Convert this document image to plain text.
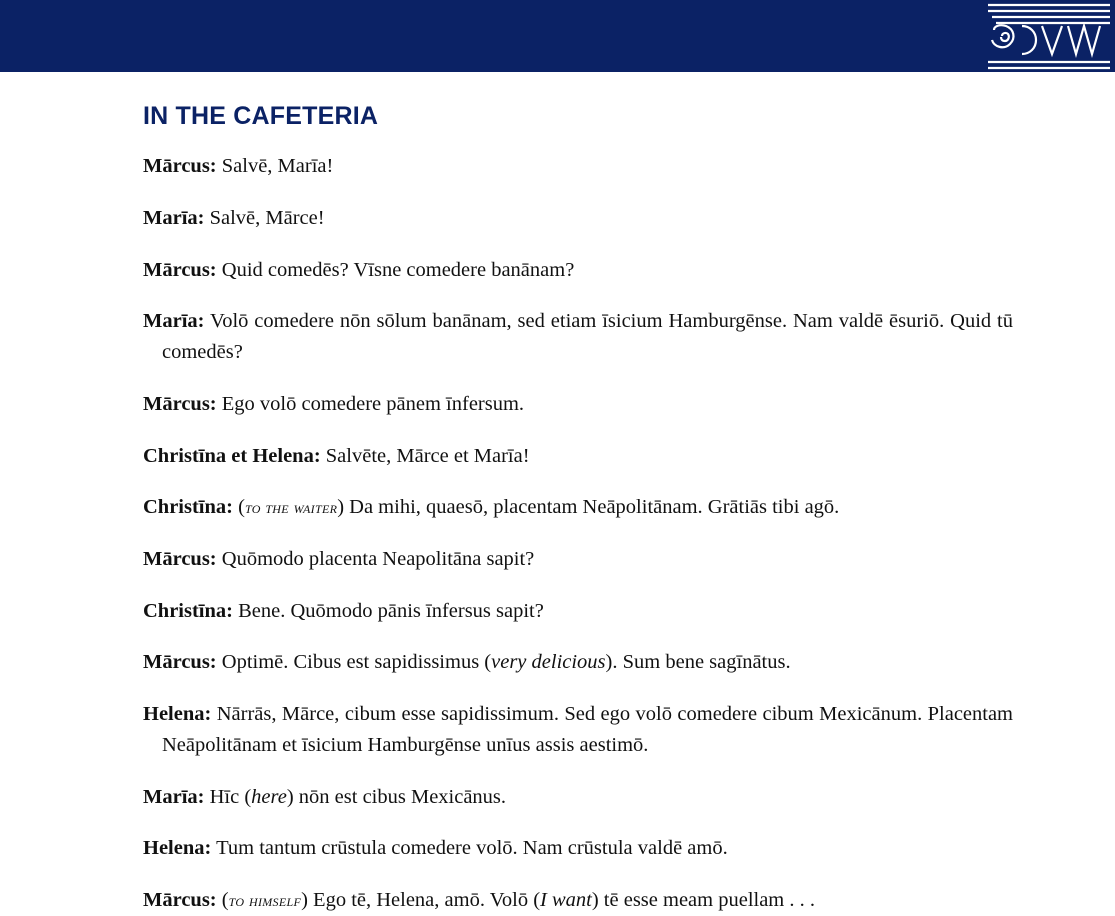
IN THE CAFETERIA

Mārcus: Salvē, Marīa!

Marīa: Salvē, Mārce!

Mārcus: Quid comedēs? Vīsne comedere banānam?

Marīa: Volō comedere nōn sōlum banānam, sed etiam īsicium Hamburgēnse. Nam valdē ēsuriō. Quid tū comedēs?

Mārcus: Ego volō comedere pānem īnfersum.

Christīna et Helena: Salvēte, Mārce et Marīa!

Christīna: (to the waiter) Da mihi, quaesō, placentam Neāpolitānam. Grātiās tibi agō.

Mārcus: Quōmodo placenta Neapolitāna sapit?

Christīna: Bene. Quōmodo pānis īnfersus sapit?

Mārcus: Optimē. Cibus est sapidissimus (very delicious). Sum bene sagīnātus.

Helena: Nārrās, Mārce, cibum esse sapidissimum. Sed ego volō comedere cibum Mexicānum. Placentam Neāpolitānam et īsicium Hamburgēnse unīus assis aestimō.

Marīa: Hīc (here) nōn est cibus Mexicānus.

Helena: Tum tantum crūstula comedere volō. Nam crūstula valdē amō.

Mārcus: (to himself) Ego tē, Helena, amō. Volō (I want) tē esse meam puellam . . .
